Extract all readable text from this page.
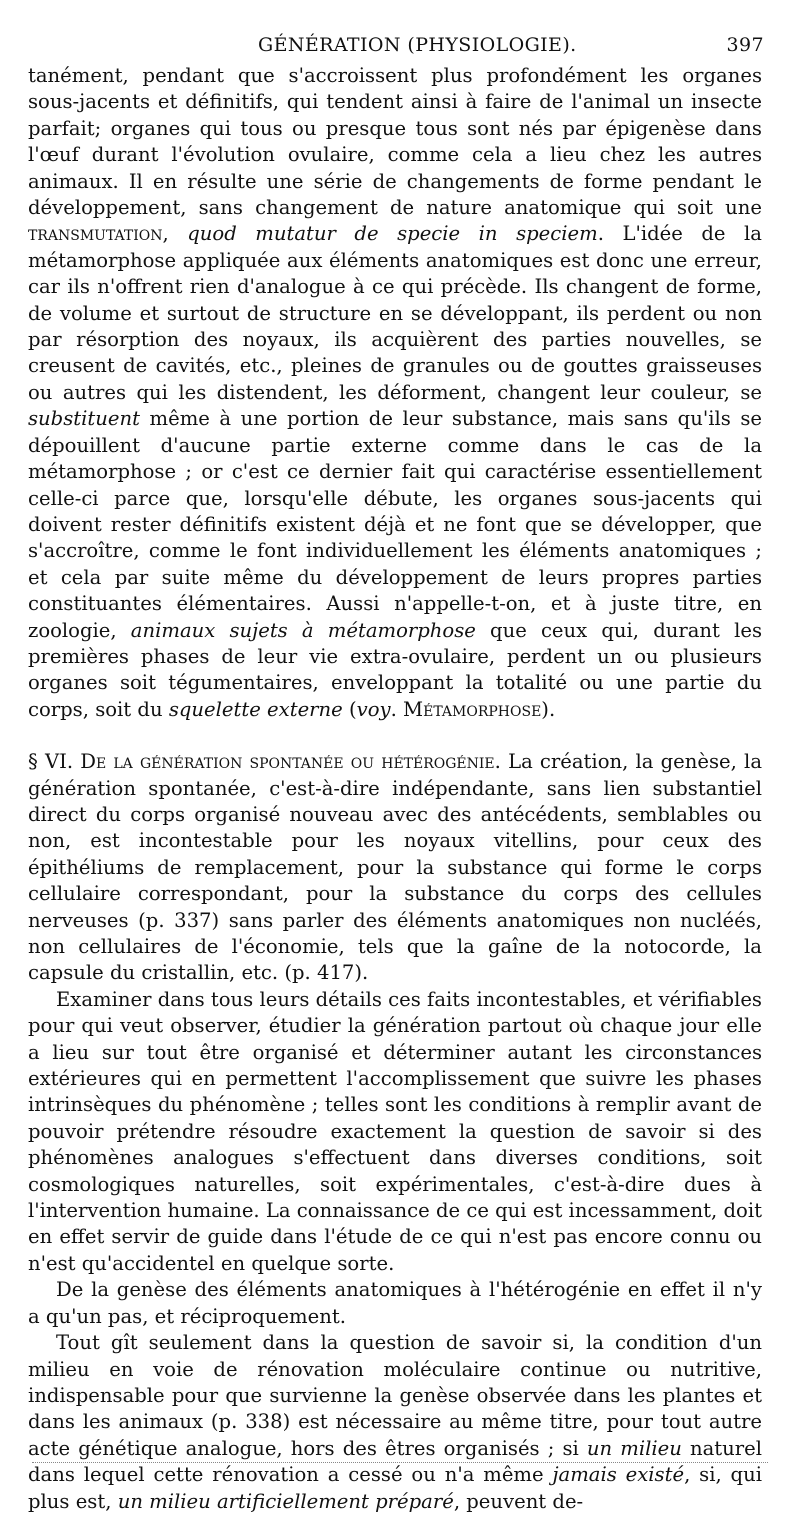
GÉNÉRATION (PHYSIOLOGIE).	397

tanément, pendant que s'accroissent plus profondément les organes sous-jacents et définitifs, qui tendent ainsi à faire de l'animal un insecte parfait; organes qui tous ou presque tous sont nés par épigenèse dans l'œuf durant l'évolution ovulaire, comme cela a lieu chez les autres animaux. Il en résulte une série de changements de forme pendant le développement, sans changement de nature anatomique qui soit une transmutation, quod mutatur de specie in speciem. L'idée de la métamorphose appliquée aux éléments anatomiques est donc une erreur, car ils n'offrent rien d'analogue à ce qui précède. Ils changent de forme, de volume et surtout de structure en se développant, ils perdent ou non par résorption des noyaux, ils acquièrent des parties nouvelles, se creusent de cavités, etc., pleines de granules ou de gouttes graisseuses ou autres qui les distendent, les déforment, changent leur couleur, se substituent même à une portion de leur substance, mais sans qu'ils se dépouillent d'aucune partie externe comme dans le cas de la métamorphose ; or c'est ce dernier fait qui caractérise essentiellement celle-ci parce que, lorsqu'elle débute, les organes sous-jacents qui doivent rester définitifs existent déjà et ne font que se développer, que s'accroître, comme le font individuellement les éléments anatomiques ; et cela par suite même du développement de leurs propres parties constituantes élémentaires. Aussi n'appelle-t-on, et à juste titre, en zoologie, animaux sujets à métamorphose que ceux qui, durant les premières phases de leur vie extra-ovulaire, perdent un ou plusieurs organes soit tégumentaires, enveloppant la totalité ou une partie du corps, soit du squelette externe (voy. Métamorphose).

§ VI. De la génération spontanée ou hétérogénie. La création, la genèse, la génération spontanée, c'est-à-dire indépendante, sans lien substantiel direct du corps organisé nouveau avec des antécédents, semblables ou non, est incontestable pour les noyaux vitellins, pour ceux des épithéliums de remplacement, pour la substance qui forme le corps cellulaire correspondant, pour la substance du corps des cellules nerveuses (p. 337) sans parler des éléments anatomiques non nucléés, non cellulaires de l'économie, tels que la gaîne de la notocorde, la capsule du cristallin, etc. (p. 417).

Examiner dans tous leurs détails ces faits incontestables, et vérifiables pour qui veut observer, étudier la génération partout où chaque jour elle a lieu sur tout être organisé et déterminer autant les circonstances extérieures qui en permettent l'accomplissement que suivre les phases intrinsèques du phénomène ; telles sont les conditions à remplir avant de pouvoir prétendre résoudre exactement la question de savoir si des phénomènes analogues s'effectuent dans diverses conditions, soit cosmologiques naturelles, soit expérimentales, c'est-à-dire dues à l'intervention humaine. La connaissance de ce qui est incessamment, doit en effet servir de guide dans l'étude de ce qui n'est pas encore connu ou n'est qu'accidentel en quelque sorte.

De la genèse des éléments anatomiques à l'hétérogénie en effet il n'y a qu'un pas, et réciproquement.

Tout gît seulement dans la question de savoir si, la condition d'un milieu en voie de rénovation moléculaire continue ou nutritive, indispensable pour que survienne la genèse observée dans les plantes et dans les animaux (p. 338) est nécessaire au même titre, pour tout autre acte génétique analogue, hors des êtres organisés ; si un milieu naturel dans lequel cette rénovation a cessé ou n'a même jamais existé, si, qui plus est, un milieu artificiellement préparé, peuvent de-
